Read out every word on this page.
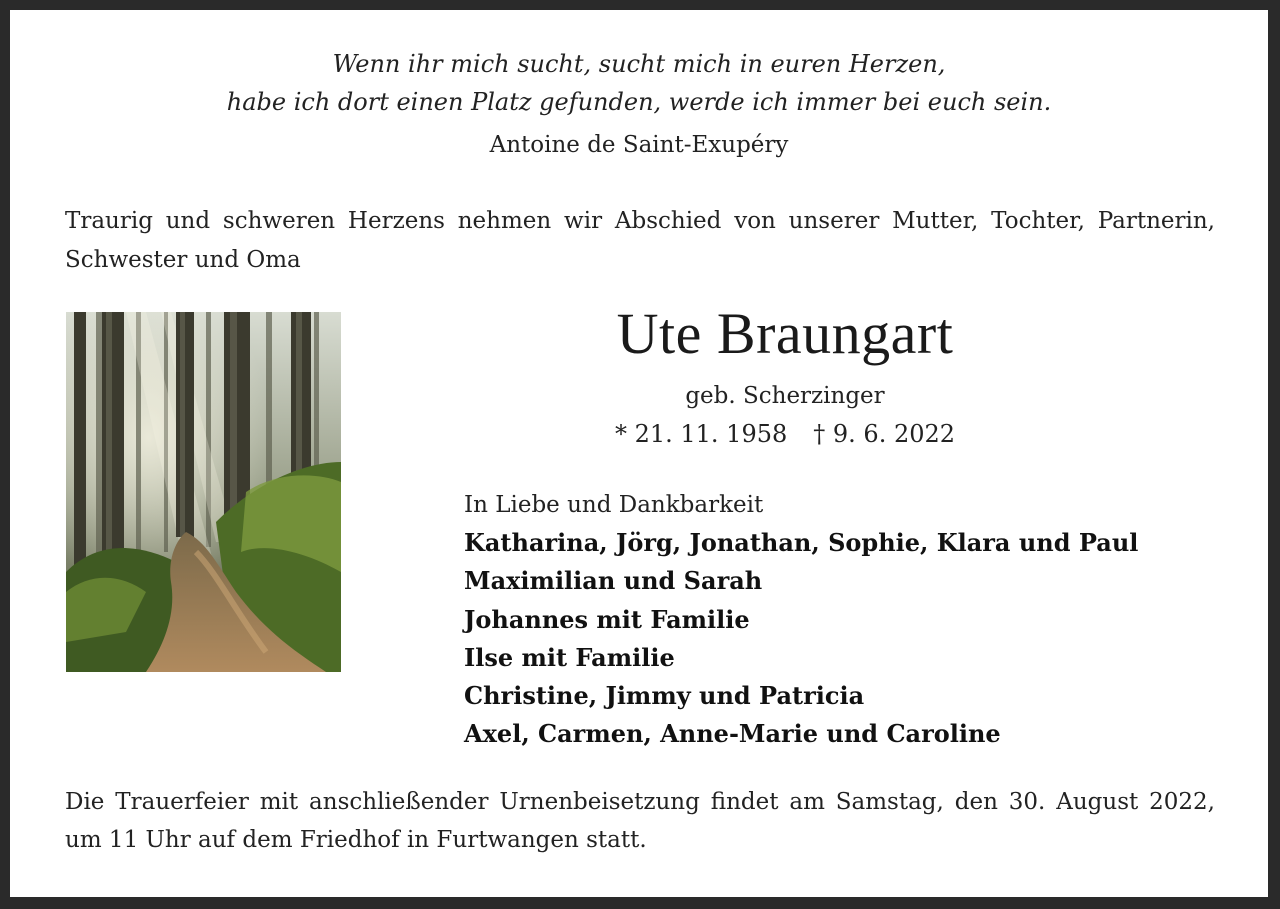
Wenn ihr mich sucht, sucht mich in euren Herzen,
habe ich dort einen Platz gefunden, werde ich immer bei euch sein.
Antoine de Saint-Exupéry

Traurig und schweren Herzens nehmen wir Abschied von unserer Mutter, Tochter, Partnerin, Schwester und Oma

Ute Braungart
geb. Scherzinger
* 21. 11. 1958 † 9. 6. 2022
In Liebe und Dankbarkeit
Katharina, Jörg, Jonathan, Sophie, Klara und Paul
Maximilian und Sarah
Johannes mit Familie
Ilse mit Familie
Christine, Jimmy und Patricia
Axel, Carmen, Anne-Marie und Caroline

Die Trauerfeier mit anschließender Urnenbeisetzung findet am Samstag, den 30. August 2022, um 11 Uhr auf dem Friedhof in Furtwangen statt.
